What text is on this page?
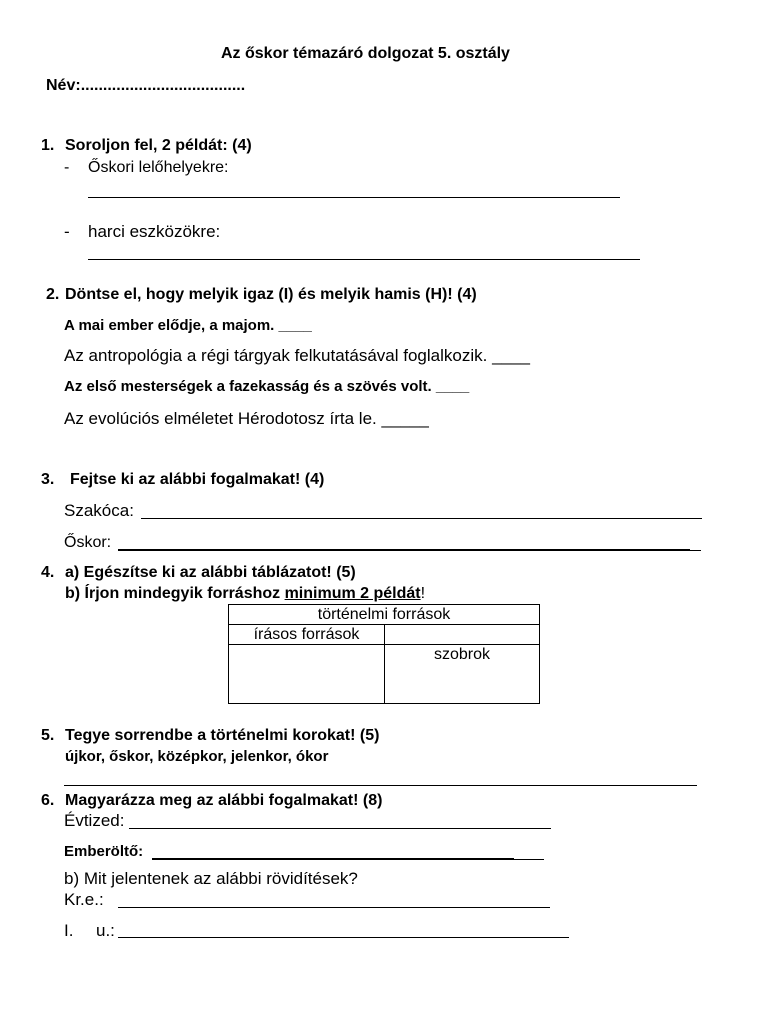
Az őskor témazáró dolgozat 5. osztály
Név:.....................................
1. Soroljon fel, 2 példát: (4)
- Őskori lelőhelyekre:
- harci eszközökre:
2. Döntse el, hogy melyik igaz (I) és melyik hamis (H)! (4)
A mai ember elődje, a majom. ____
Az antropológia a régi tárgyak felkutatásával foglalkozik. ____
Az első mesterségek a fazekasság és a szövés volt. ____
Az evolúciós elméletet Hérodotosz írta le. _____
3. Fejtse ki az alábbi fogalmakat! (4)
Szakóca:
Őskor:
4. a) Egészítse ki az alábbi táblázatot! (5)
b) Írjon mindegyik forráshoz minimum 2 példát!
történelmi források	
írásos források	
	szobrok
5. Tegye sorrendbe a történelmi korokat! (5)
újkor, őskor, középkor, jelenkor, ókor
6. Magyarázza meg az alábbi fogalmakat! (8)
Évtized:
Emberöltő:
b) Mit jelentenek az alábbi rövidítések?
Kr.e.:
I. u.:
